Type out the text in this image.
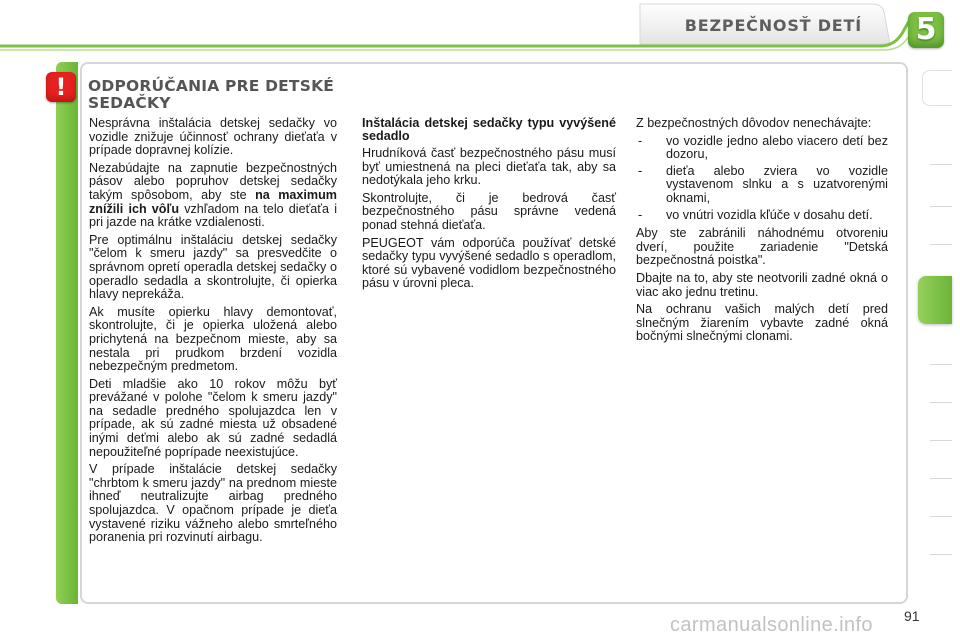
BEZPEČNOSŤ DETÍ 5
!	ODPORÚČANIA PRE DETSKÉ
SEDAČKY

Nesprávna inštalácia detskej sedačky vo vozidle znižuje účinnosť ochrany dieťaťa v prípade dopravnej kolízie.

Nezabúdajte na zapnutie bezpečnostných pásov alebo popruhov detskej sedačky takým spôsobom, aby ste na maximum znížili ich vôľu vzhľadom na telo dieťaťa i pri jazde na krátke vzdialenosti.

Pre optimálnu inštaláciu detskej sedačky "čelom k smeru jazdy" sa presvedčite o správnom opretí operadla detskej sedačky o operadlo sedadla a skontrolujte, či opierka hlavy neprekáža.

Ak musíte opierku hlavy demontovať, skontrolujte, či je opierka uložená alebo prichytená na bezpečnom mieste, aby sa nestala pri prudkom brzdení vozidla nebezpečným predmetom.

Deti mladšie ako 10 rokov môžu byť prevážané v polohe "čelom k smeru jazdy" na sedadle predného spolujazdca len v prípade, ak sú zadné miesta už obsadené inými deťmi alebo ak sú zadné sedadlá nepoužiteľné poprípade neexistujúce.

V prípade inštalácie detskej sedačky "chrbtom k smeru jazdy" na prednom mieste ihneď neutralizujte airbag predného spolujazdca. V opačnom prípade je dieťa vystavené riziku vážneho alebo smrteľného poranenia pri rozvinutí airbagu.

Inštalácia detskej sedačky typu vyvýšené sedadlo

Hrudníková časť bezpečnostného pásu musí byť umiestnená na pleci dieťaťa tak, aby sa nedotýkala jeho krku.

Skontrolujte, či je bedrová časť bezpečnostného pásu správne vedená ponad stehná dieťaťa.

PEUGEOT vám odporúča používať detské sedačky typu vyvýšené sedadlo s operadlom, ktoré sú vybavené vodidlom bezpečnostného pásu v úrovni pleca.

Z bezpečnostných dôvodov nenechávajte:

- vo vozidle jedno alebo viacero detí bez dozoru,
- dieťa alebo zviera vo vozidle vystavenom slnku a s uzatvorenými oknami,
- vo vnútri vozidla kľúče v dosahu detí.

Aby ste zabránili náhodnému otvoreniu dverí, použite zariadenie "Detská bezpečnostná poistka".

Dbajte na to, aby ste neotvorili zadné okná o viac ako jednu tretinu.

Na ochranu vašich malých detí pred slnečným žiarením vybavte zadné okná bočnými slnečnými clonami.

carmanualsonline.info 91
